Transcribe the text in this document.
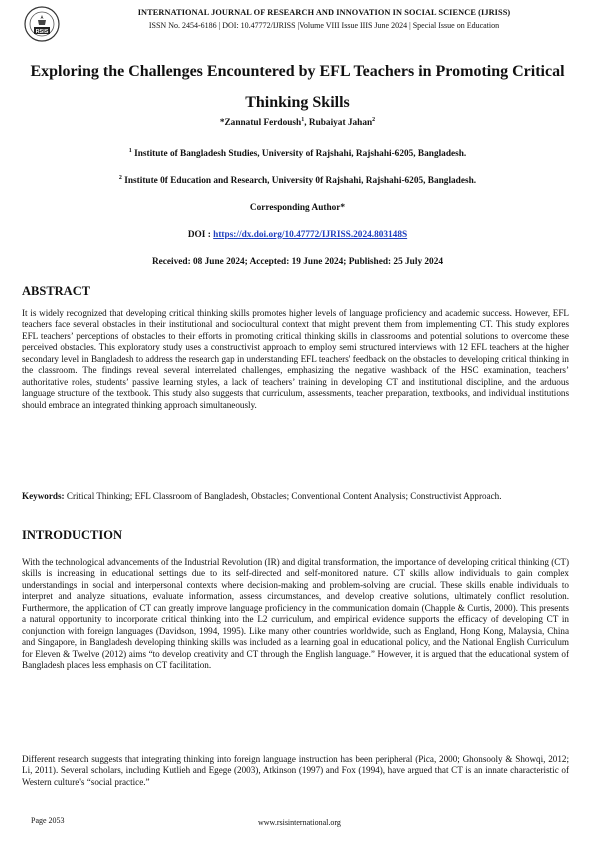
RSIS
INTERNATIONAL JOURNAL OF RESEARCH AND INNOVATION IN SOCIAL SCIENCE (IJRISS)
ISSN No. 2454-6186 | DOI: 10.47772/IJRISS |Volume VIII Issue IIIS June 2024 | Special Issue on Education
Exploring the Challenges Encountered by EFL Teachers in Promoting Critical Thinking Skills
*Zannatul Ferdoush$^1$, Rubaiyat Jahan$^2$
$^1$ Institute of Bangladesh Studies, University of Rajshahi, Rajshahi-6205, Bangladesh.
$^2$ Institute 0f Education and Research, University 0f Rajshahi, Rajshahi-6205, Bangladesh.
Corresponding Author*
DOI : https://dx.doi.org/10.47772/IJRISS.2024.803148S
Received: 08 June 2024; Accepted: 19 June 2024; Published: 25 July 2024
ABSTRACT
It is widely recognized that developing critical thinking skills promotes higher levels of language proficiency and academic success. However, EFL teachers face several obstacles in their institutional and sociocultural context that might prevent them from implementing CT. This study explores EFL teachers’ perceptions of obstacles to their efforts in promoting critical thinking skills in classrooms and potential solutions to overcome these perceived obstacles. This exploratory study uses a constructivist approach to employ semi structured interviews with 12 EFL teachers at the higher secondary level in Bangladesh to address the research gap in understanding EFL teachers' feedback on the obstacles to developing critical thinking in the classroom. The findings reveal several interrelated challenges, emphasizing the negative washback of the HSC examination, teachers’ authoritative roles, students’ passive learning styles, a lack of teachers’ training in developing CT and institutional discipline, and the arduous language structure of the textbook. This study also suggests that curriculum, assessments, teacher preparation, textbooks, and individual institutions should embrace an integrated thinking approach simultaneously.
Keywords: Critical Thinking; EFL Classroom of Bangladesh, Obstacles; Conventional Content Analysis; Constructivist Approach.
INTRODUCTION
With the technological advancements of the Industrial Revolution (IR) and digital transformation, the importance of developing critical thinking (CT) skills is increasing in educational settings due to its self-directed and self-monitored nature. CT skills allow individuals to gain complex understandings in social and interpersonal contexts where decision-making and problem-solving are crucial. These skills enable individuals to interpret and analyze situations, evaluate information, assess circumstances, and develop creative solutions, ultimately conflict resolution. Furthermore, the application of CT can greatly improve language proficiency in the communication domain (Chapple & Curtis, 2000). This presents a natural opportunity to incorporate critical thinking into the L2 curriculum, and empirical evidence supports the efficacy of developing CT in conjunction with foreign languages (Davidson, 1994, 1995). Like many other countries worldwide, such as England, Hong Kong, Malaysia, China and Singapore, in Bangladesh developing thinking skills was included as a learning goal in educational policy, and the National English Curriculum for Eleven & Twelve (2012) aims “to develop creativity and CT through the English language.” However, it is argued that the educational system of Bangladesh places less emphasis on CT facilitation.
Different research suggests that integrating thinking into foreign language instruction has been peripheral (Pica, 2000; Ghonsooly & Showqi, 2012; Li, 2011). Several scholars, including Kutlieh and Egege (2003), Atkinson (1997) and Fox (1994), have argued that CT is an innate characteristic of Western culture's “social practice.”
Page 2053	www.rsisinternational.org
